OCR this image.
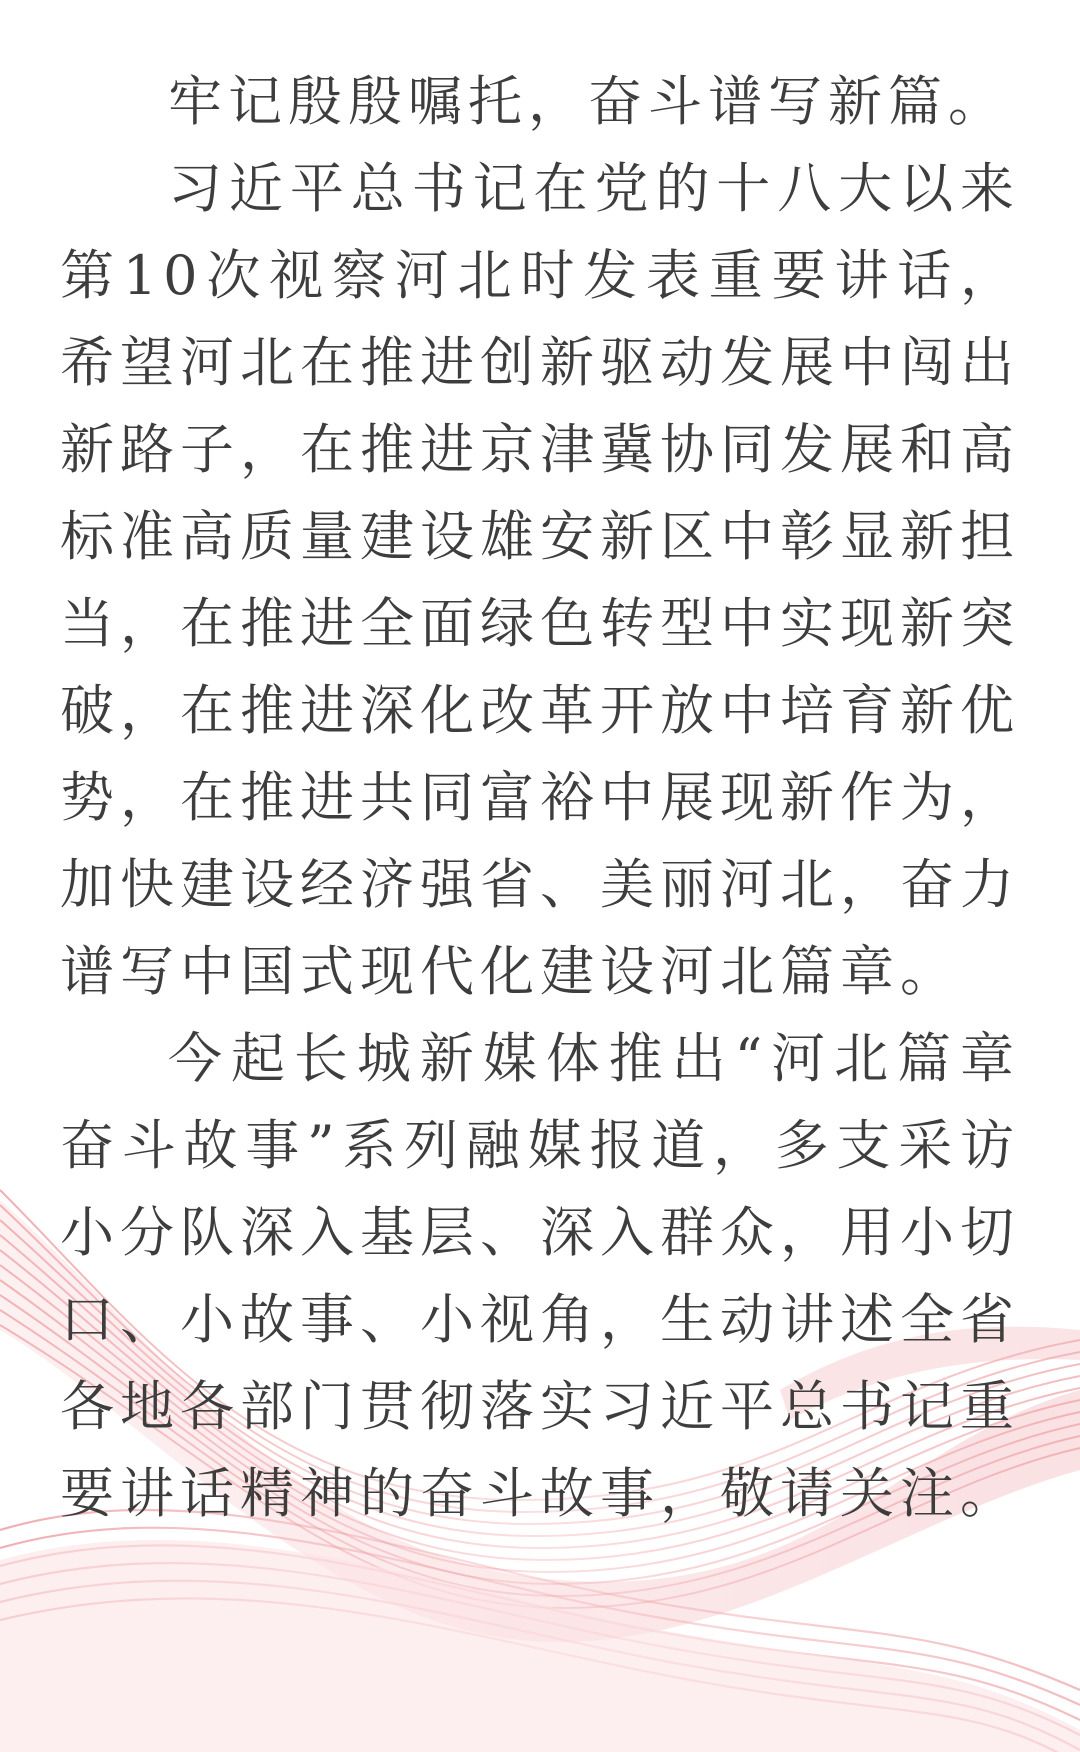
牢记殷殷嘱托，奋斗谱写新篇。

习近平总书记在党的十八大以来第10次视察河北时发表重要讲话，希望河北在推进创新驱动发展中闯出新路子，在推进京津冀协同发展和高标准高质量建设雄安新区中彰显新担当，在推进全面绿色转型中实现新突破，在推进深化改革开放中培育新优势，在推进共同富裕中展现新作为，加快建设经济强省、美丽河北，奋力谱写中国式现代化建设河北篇章。

今起长城新媒体推出“河北篇章 奋斗故事”系列融媒报道，多支采访小分队深入基层、深入群众，用小切口、小故事、小视角，生动讲述全省各地各部门贯彻落实习近平总书记重要讲话精神的奋斗故事，敬请关注。
